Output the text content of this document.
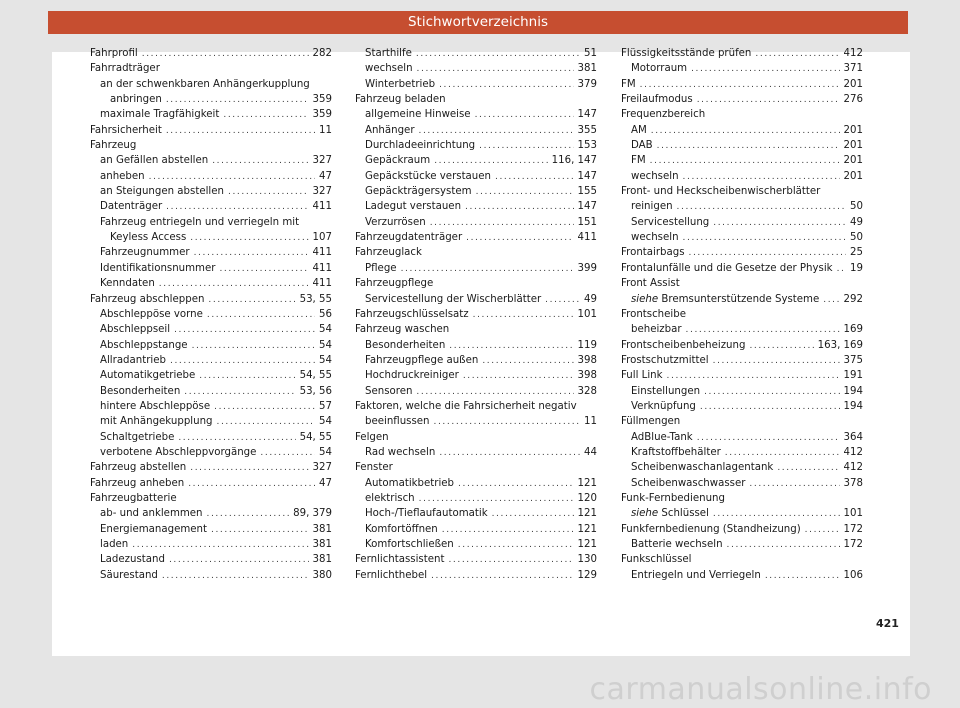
Stichwortverzeichnis
Fahrprofil .....	282
Fahrradträger
an der schwenkbaren Anhängerkupplung
anbringen .....	359
maximale Tragfähigkeit .....	359
Fahrsicherheit .....	11
Fahrzeug
an Gefällen abstellen .....	327
anheben .....	47
an Steigungen abstellen .....	327
Datenträger .....	411
Fahrzeug entriegeln und verriegeln mit
Keyless Access .....	107
Fahrzeugnummer .....	411
Identifikationsnummer .....	411
Kenndaten .....	411
Fahrzeug abschleppen .....	53, 55
Abschleppöse vorne .....	56
Abschleppseil .....	54
Abschleppstange .....	54
Allradantrieb .....	54
Automatikgetriebe .....	54, 55
Besonderheiten .....	53, 56
hintere Abschleppöse .....	57
mit Anhängekupplung .....	54
Schaltgetriebe .....	54, 55
verbotene Abschleppvorgänge .....	54
Fahrzeug abstellen .....	327
Fahrzeug anheben .....	47
Fahrzeugbatterie
ab- und anklemmen .....	89, 379
Energiemanagement .....	381
laden .....	381
Ladezustand .....	381
Säurestand .....	380
Starthilfe .....	51
wechseln .....	381
Winterbetrieb .....	379
Fahrzeug beladen
allgemeine Hinweise .....	147
Anhänger .....	355
Durchladeeinrichtung .....	153
Gepäckraum .....	116, 147
Gepäckstücke verstauen .....	147
Gepäckträgersystem .....	155
Ladegut verstauen .....	147
Verzurrösen .....	151
Fahrzeugdatenträger .....	411
Fahrzeuglack
Pflege .....	399
Fahrzeugpflege
Servicestellung der Wischerblätter .....	49
Fahrzeugschlüsselsatz .....	101
Fahrzeug waschen
Besonderheiten .....	119
Fahrzeugpflege außen .....	398
Hochdruckreiniger .....	398
Sensoren .....	328
Faktoren, welche die Fahrsicherheit negativ
beeinflussen .....	11
Felgen
Rad wechseln .....	44
Fenster
Automatikbetrieb .....	121
elektrisch .....	120
Hoch-/Tieflaufautomatik .....	121
Komfortöffnen .....	121
Komfortschließen .....	121
Fernlichtassistent .....	130
Fernlichthebel .....	129
Flüssigkeitsstände prüfen .....	412
Motorraum .....	371
FM .....	201
Freilaufmodus .....	276
Frequenzbereich
AM .....	201
DAB .....	201
FM .....	201
wechseln .....	201
Front- und Heckscheibenwischerblätter
reinigen .....	50
Servicestellung .....	49
wechseln .....	50
Frontairbags .....	25
Frontalunfälle und die Gesetze der Physik ..... 19
Front Assist
siehe Bremsunterstützende Systeme ..... 292
Frontscheibe
beheizbar .....	169
Frontscheibenbeheizung .....	163, 169
Frostschutzmittel .....	375
Full Link .....	191
Einstellungen .....	194
Verknüpfung .....	194
Füllmengen
AdBlue-Tank .....	364
Kraftstoffbehälter .....	412
Scheibenwaschanlagentank .....	412
Scheibenwaschwasser .....	378
Funk-Fernbedienung
siehe Schlüssel .....	101
Funkfernbedienung (Standheizung) .....	172
Batterie wechseln .....	172
Funkschlüssel
Entriegeln und Verriegeln .....	106
421
carmanualsonline.info
